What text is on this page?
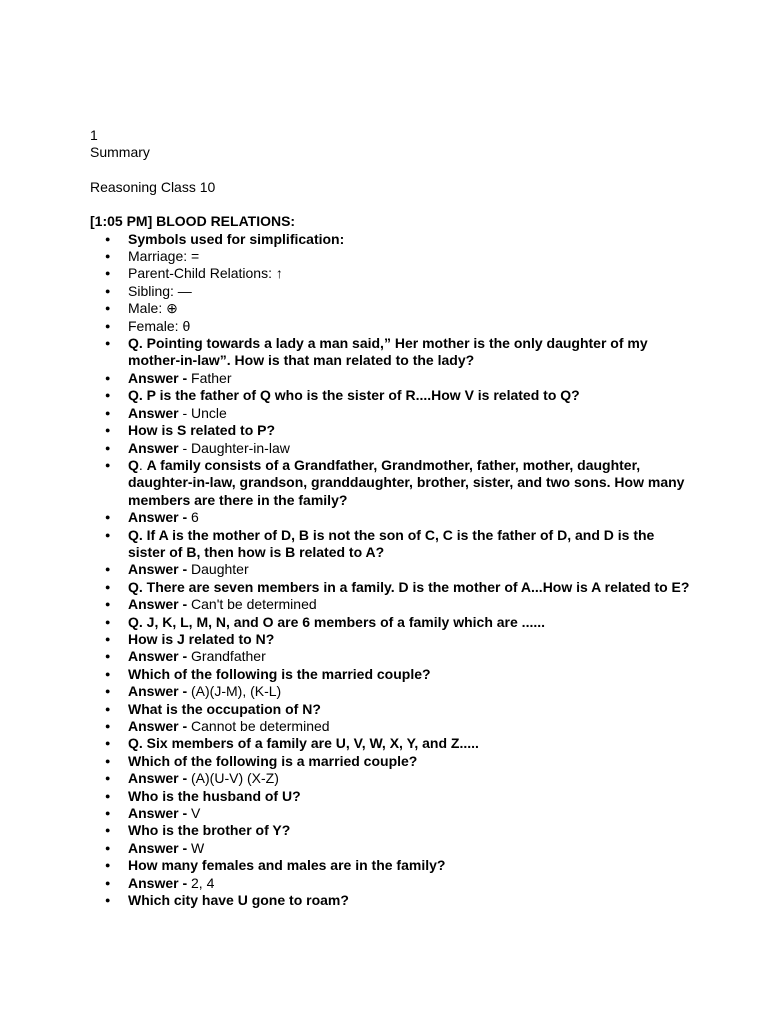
1

Summary

Reasoning Class 10

[1:05 PM] BLOOD RELATIONS:

● Symbols used for simplification:
● Marriage: =
● Parent-Child Relations: ↑
● Sibling: —
● Male: ⊕
● Female: θ
● Q. Pointing towards a lady a man said,” Her mother is the only daughter of my mother-in-law”. How is that man related to the lady?
● Answer - Father
● Q. P is the father of Q who is the sister of R....How V is related to Q?
● Answer - Uncle
● How is S related to P?
● Answer - Daughter-in-law
● Q. A family consists of a Grandfather, Grandmother, father, mother, daughter, daughter-in-law, grandson, granddaughter, brother, sister, and two sons. How many members are there in the family?
● Answer - 6
● Q. If A is the mother of D, B is not the son of C, C is the father of D, and D is the sister of B, then how is B related to A?
● Answer - Daughter
● Q. There are seven members in a family. D is the mother of A...How is A related to E?
● Answer - Can't be determined
● Q. J, K, L, M, N, and O are 6 members of a family which are ......
● How is J related to N?
● Answer - Grandfather
● Which of the following is the married couple?
● Answer - (A)(J-M), (K-L)
● What is the occupation of N?
● Answer - Cannot be determined
● Q. Six members of a family are U, V, W, X, Y, and Z.....
● Which of the following is a married couple?
● Answer - (A)(U-V) (X-Z)
● Who is the husband of U?
● Answer - V
● Who is the brother of Y?
● Answer - W
● How many females and males are in the family?
● Answer - 2, 4
● Which city have U gone to roam?
